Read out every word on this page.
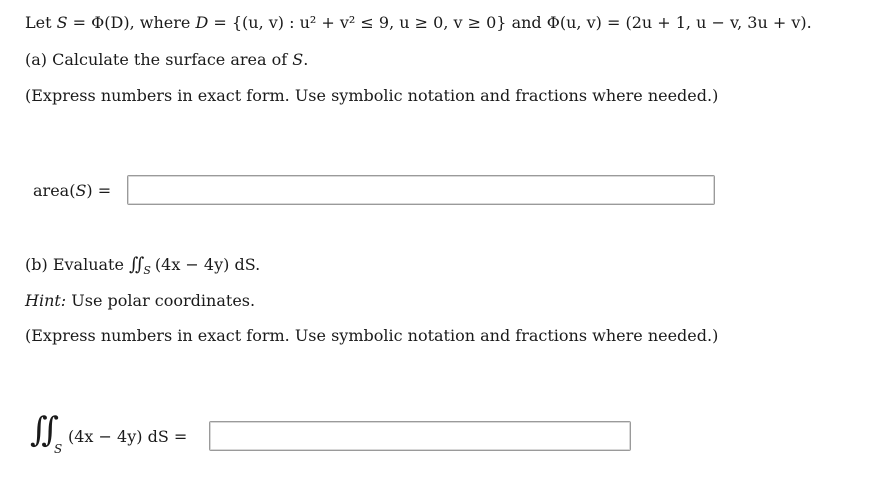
Let S = Φ(D), where D = {(u, v) : u² + v² ≤ 9, u ≥ 0, v ≥ 0} and Φ(u, v) = (2u + 1, u − v, 3u + v).
(a) Calculate the surface area of S.
(Express numbers in exact form. Use symbolic notation and fractions where needed.)
area(S) =
(b) Evaluate ∬ $_S$ (4x − 4y) dS.
Hint: Use polar coordinates.
(Express numbers in exact form. Use symbolic notation and fractions where needed.)
∬ S
(4x − 4y) dS =
